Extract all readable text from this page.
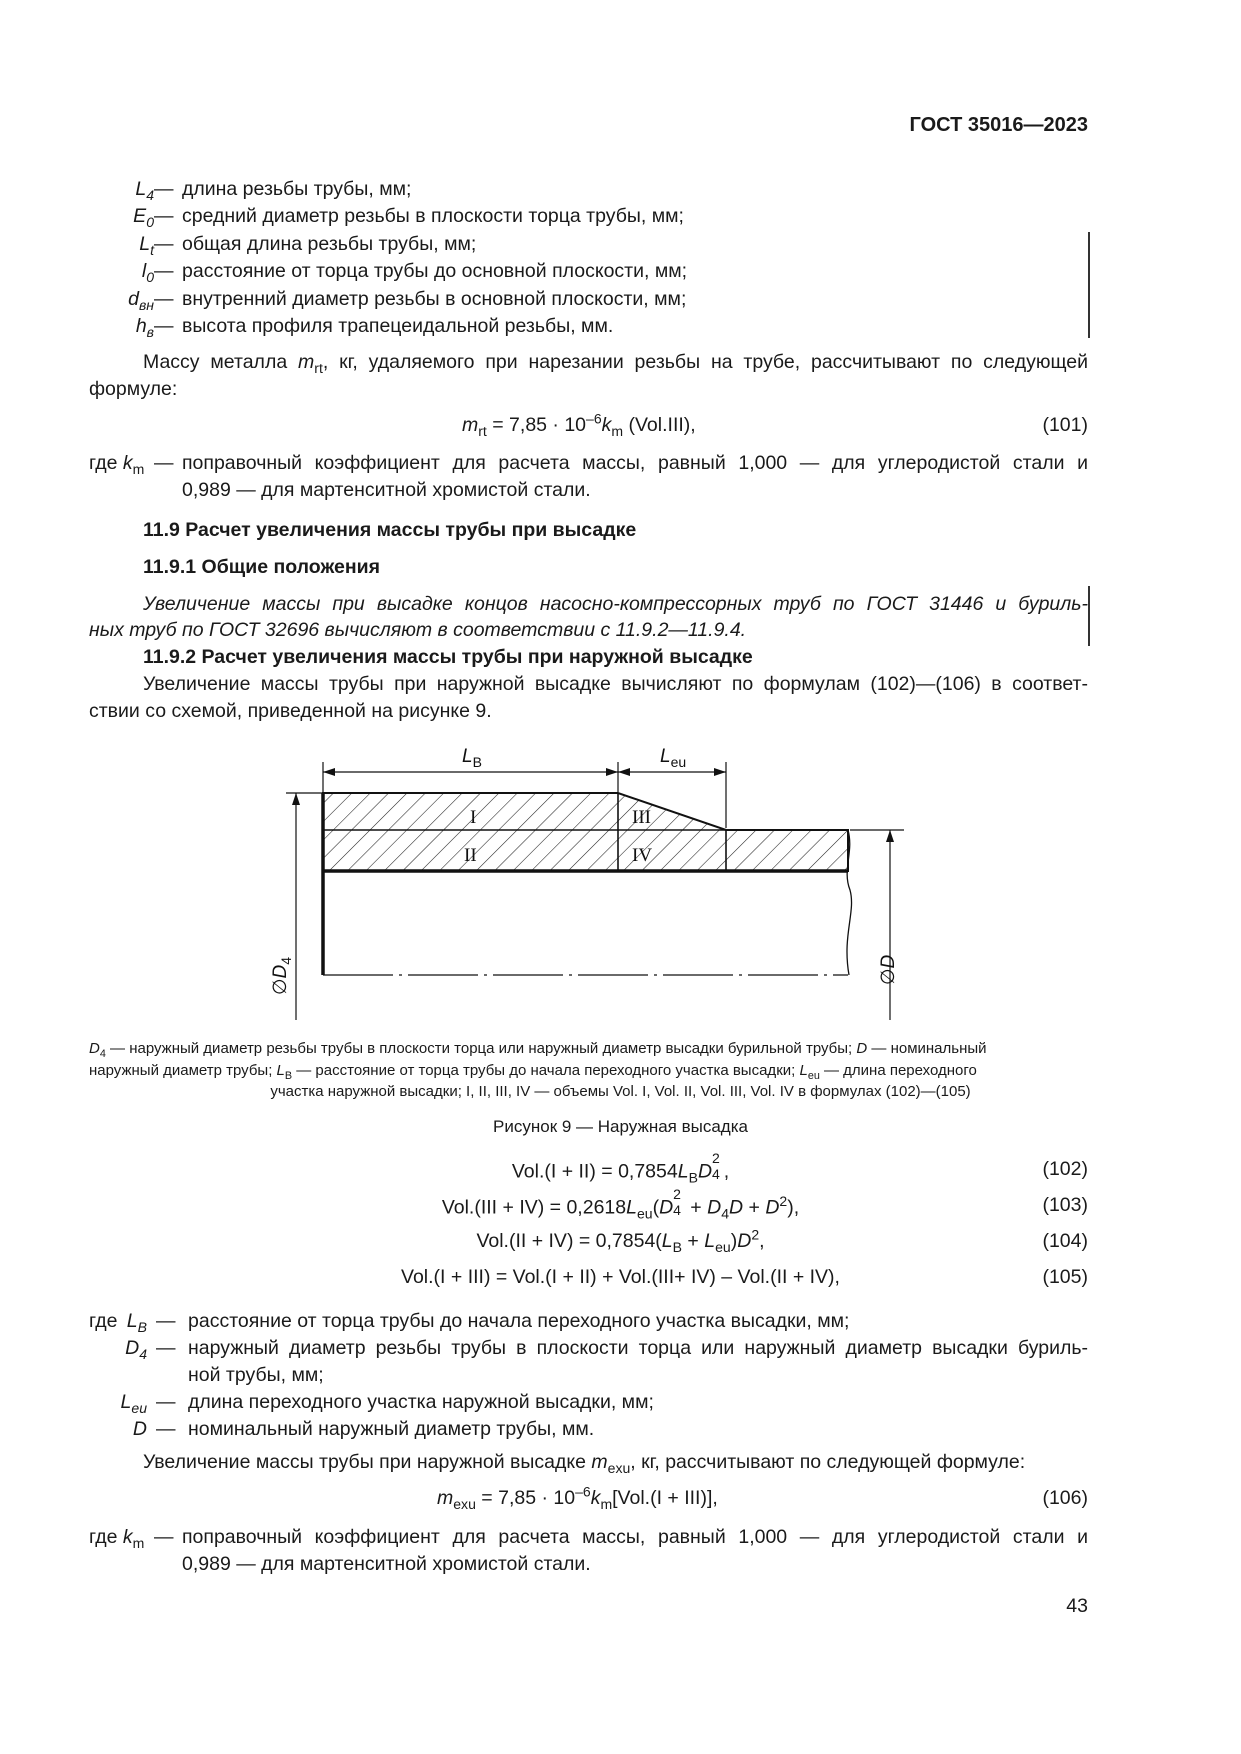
ГОСТ 35016—2023
$L_4$ — длина резьбы трубы, мм;
$E_0$ — средний диаметр резьбы в плоскости торца трубы, мм;
$L_t$ — общая длина резьбы трубы, мм;
$l_0$ — расстояние от торца трубы до основной плоскости, мм;
$d_{вн}$ — внутренний диаметр резьбы в основной плоскости, мм;
$h_в$ — высота профиля трапецеидальной резьбы, мм.
Массу металла $m_{rt}$, кг, удаляемого при нарезании резьбы на трубе, рассчитывают по следующей
формуле:
$m_{rt} = 7,85 \cdot 10^{-6}k_m$ (Vol.III),	(101)
где $k_m$ — поправочный коэффициент для расчета массы, равный 1,000 — для углеродистой стали и
0,989 — для мартенситной хромистой стали.
11.9 Расчет увеличения массы трубы при высадке
11.9.1 Общие положения
Увеличение массы при высадке концов насосно-компрессорных труб по ГОСТ 31446 и буриль-
ных труб по ГОСТ 32696 вычисляют в соответствии с 11.9.2—11.9.4.
11.9.2 Расчет увеличения массы трубы при наружной высадке
Увеличение массы трубы при наружной высадке вычисляют по формулам (102)—(106) в соответ-
ствии со схемой, приведенной на рисунке 9.
I
II
III
IV
$L_B$	$L_{eu}$
$\emptyset D_4$	∅D
$D_4$ — наружный диаметр резьбы трубы в плоскости торца или наружный диаметр высадки бурильной трубы; D — номинальный
наружный диаметр трубы; $L_B$ — расстояние от торца трубы до начала переходного участка высадки; $L_{eu}$ — длина переходного
участка наружной высадки; I, II, III, IV — объемы Vol. I, Vol. II, Vol. III, Vol. IV в формулах (102)—(105)
Рисунок 9 — Наружная высадка
$Vol.(I + II) = 0,7854L_BD$
2
4 ,	(102)
$Vol.(III + IV) = 0,2618L_{eu}(D$
2
$4 + D_4D + D^2$),	(103)
$Vol.(II + IV) = 0,7854(L_B + L_{eu})D^2$,	(104)
Vol.(I + III) = Vol.(I + II) + Vol.(III+ IV) – Vol.(II + IV),	(105)
где $L_B$ — расстояние от торца трубы до начала переходного участка высадки, мм;
$D_4$ — наружный диаметр резьбы трубы в плоскости торца или наружный диаметр высадки буриль-
ной трубы, мм;
$L_{eu}$ — длина переходного участка наружной высадки, мм;
D — номинальный наружный диаметр трубы, мм.
Увеличение массы трубы при наружной высадке $m_{exu}$, кг, рассчитывают по следующей формуле:
$m_{exu} = 7,85 \cdot 10^{-6}k_m[Vol.(I + III)]$,	(106)
где $k_m$ — поправочный коэффициент для расчета массы, равный 1,000 — для углеродистой стали и
0,989 — для мартенситной хромистой стали.
43
